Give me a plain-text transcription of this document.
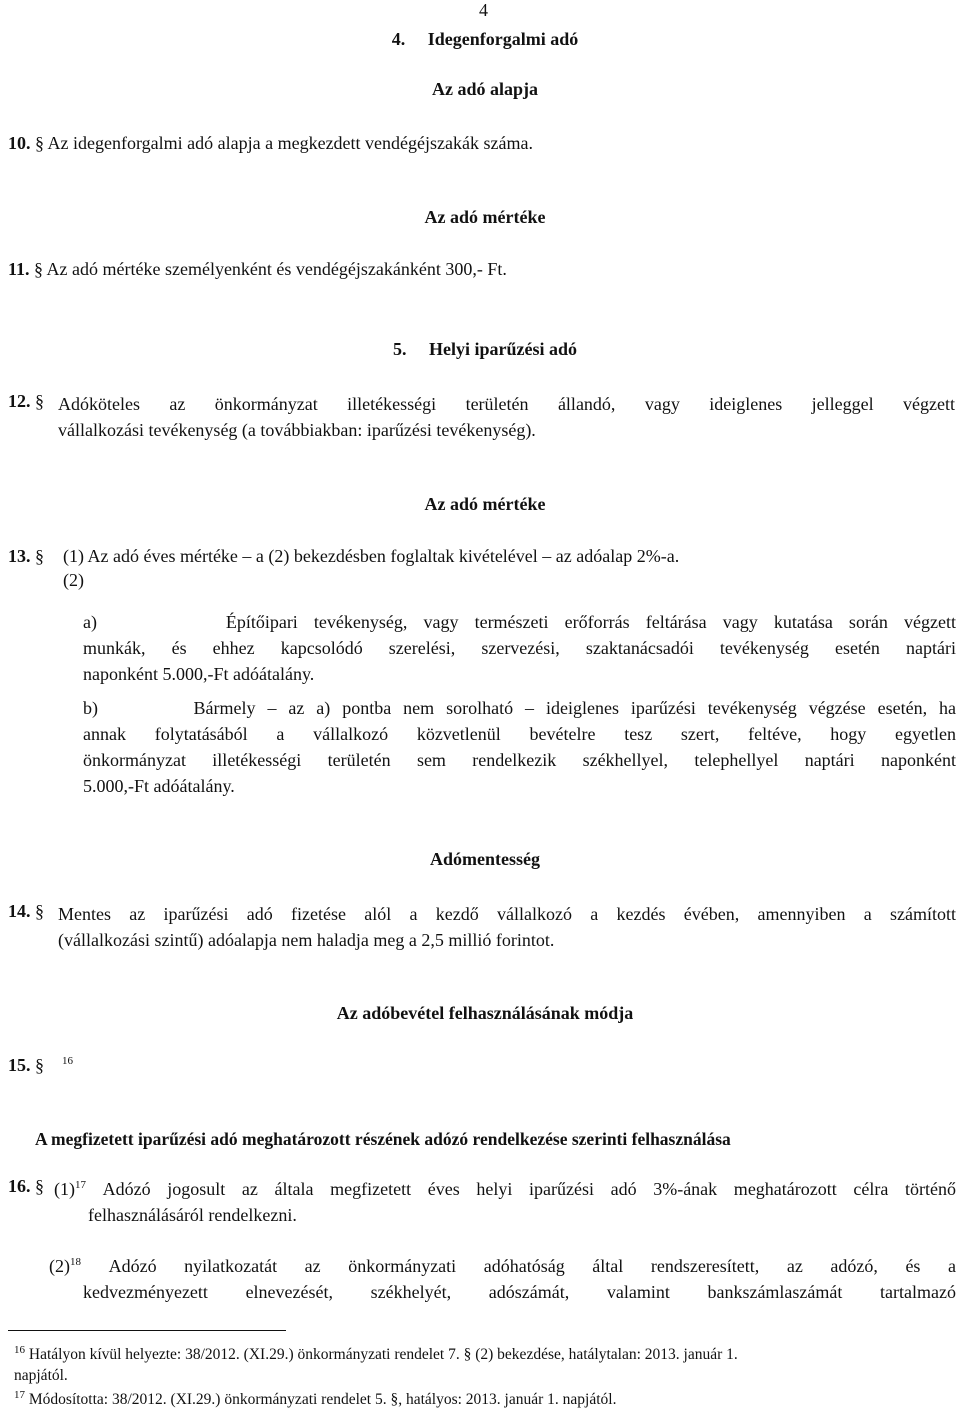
4
4. Idegenforgalmi adó
Az adó alapja
10. § Az idegenforgalmi adó alapja a megkezdett vendégéjszakák száma.
Az adó mértéke
11. § Az adó mértéke személyenként és vendégéjszakánként 300,- Ft.
5. Helyi iparűzési adó
12. § Adóköteles az önkormányzat illetékességi területén állandó, vagy ideiglenes jelleggel végzett
vállalkozási tevékenység (a továbbiakban: iparűzési tevékenység).
Az adó mértéke
13. § (1) Az adó éves mértéke – a (2) bekezdésben foglaltak kivételével – az adóalap 2%-a.
(2)
a)	Építőipari tevékenység, vagy természeti erőforrás feltárása vagy kutatása során végzett
munkák, és ehhez kapcsolódó szerelési, szervezési, szaktanácsadói tevékenység esetén naptári
naponként 5.000,-Ft adóátalány.
b)	Bármely – az a) pontba nem sorolható – ideiglenes iparűzési tevékenység végzése esetén, ha
annak folytatásából a vállalkozó közvetlenül bevételre tesz szert, feltéve, hogy egyetlen
önkormányzat illetékességi területén sem rendelkezik székhellyel, telephellyel naptári naponként
5.000,-Ft adóátalány.
Adómentesség
14. § Mentes az iparűzési adó fizetése alól a kezdő vállalkozó a kezdés évében, amennyiben a számított
(vállalkozási szintű) adóalapja nem haladja meg a 2,5 millió forintot.
Az adóbevétel felhasználásának módja
15. § $^{16}$
A megfizetett iparűzési adó meghatározott részének adózó rendelkezése szerinti felhasználása
16. § $(1)^{17}$ Adózó jogosult az általa megfizetett éves helyi iparűzési adó 3%-ának meghatározott célra történő
felhasználásáról rendelkezni.
$(2)^{18}$ Adózó nyilatkozatát az önkormányzati adóhatóság által rendszeresített, az adózó, és a
kedvezményezett elnevezését, székhelyét, adószámát, valamint bankszámlaszámát tartalmazó
$^{16}$ Hatályon kívül helyezte: 38/2012. (XI.29.) önkormányzati rendelet 7. § (2) bekezdése, hatálytalan: 2013. január 1.
napjától.
$^{17}$ Módosította: 38/2012. (XI.29.) önkormányzati rendelet 5. §, hatályos: 2013. január 1. napjától.
